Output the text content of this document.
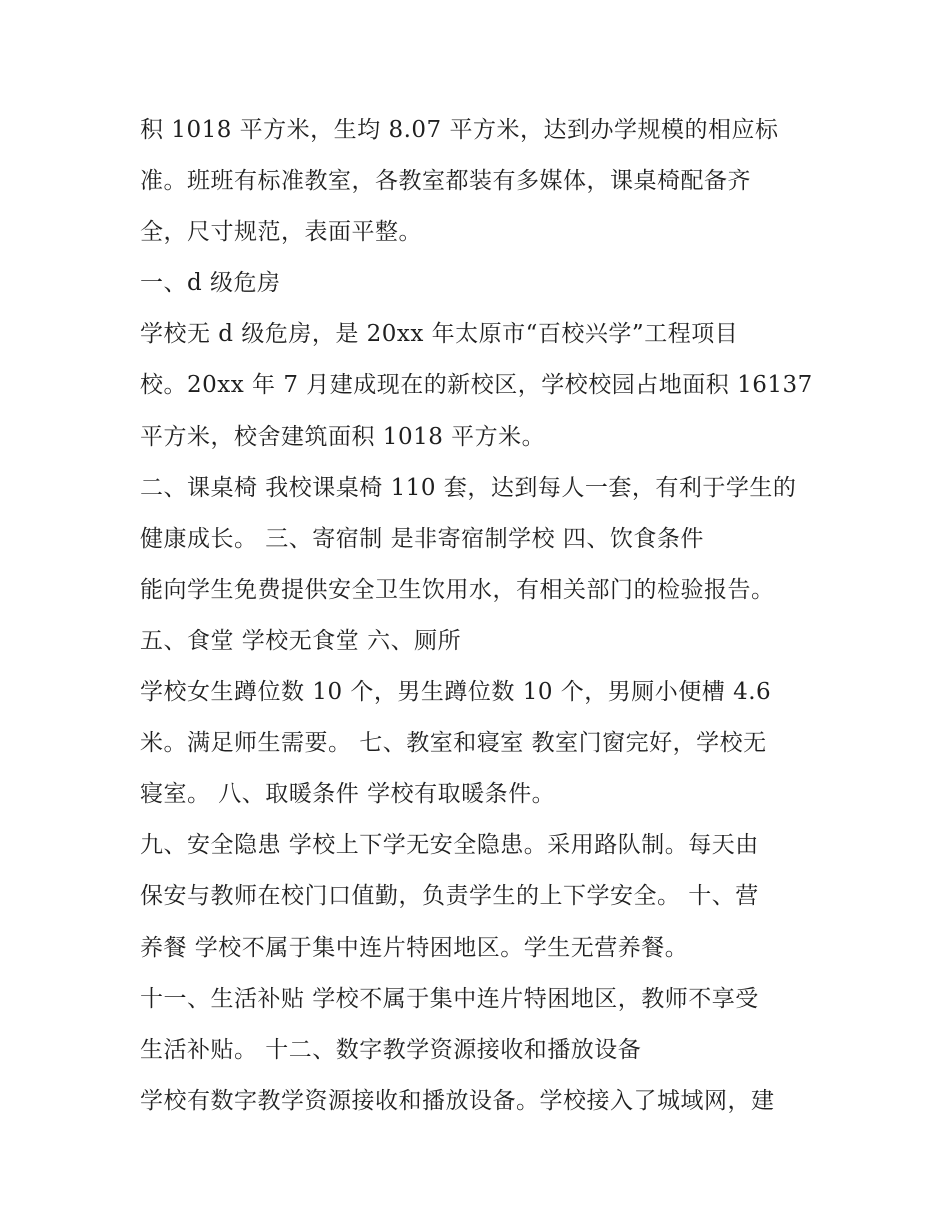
积 1018 平方米，生均 8.07 平方米，达到办学规模的相应标
准。班班有标准教室，各教室都装有多媒体，课桌椅配备齐
全，尺寸规范，表面平整。
一、d 级危房
学校无 d 级危房，是 20xx 年太原市“百校兴学”工程项目
校。20xx 年 7 月建成现在的新校区，学校校园占地面积 16137
平方米，校舍建筑面积 1018 平方米。
二、课桌椅 我校课桌椅 110 套，达到每人一套，有利于学生的
健康成长。 三、寄宿制 是非寄宿制学校 四、饮食条件
能向学生免费提供安全卫生饮用水，有相关部门的检验报告。
五、食堂 学校无食堂 六、厕所
学校女生蹲位数 10 个，男生蹲位数 10 个，男厕小便槽 4.6
米。满足师生需要。 七、教室和寝室 教室门窗完好，学校无
寝室。 八、取暖条件 学校有取暖条件。
九、安全隐患 学校上下学无安全隐患。采用路队制。每天由
保安与教师在校门口值勤，负责学生的上下学安全。 十、营
养餐 学校不属于集中连片特困地区。学生无营养餐。
十一、生活补贴 学校不属于集中连片特困地区，教师不享受
生活补贴。 十二、数字教学资源接收和播放设备
学校有数字教学资源接收和播放设备。学校接入了城域网，建
